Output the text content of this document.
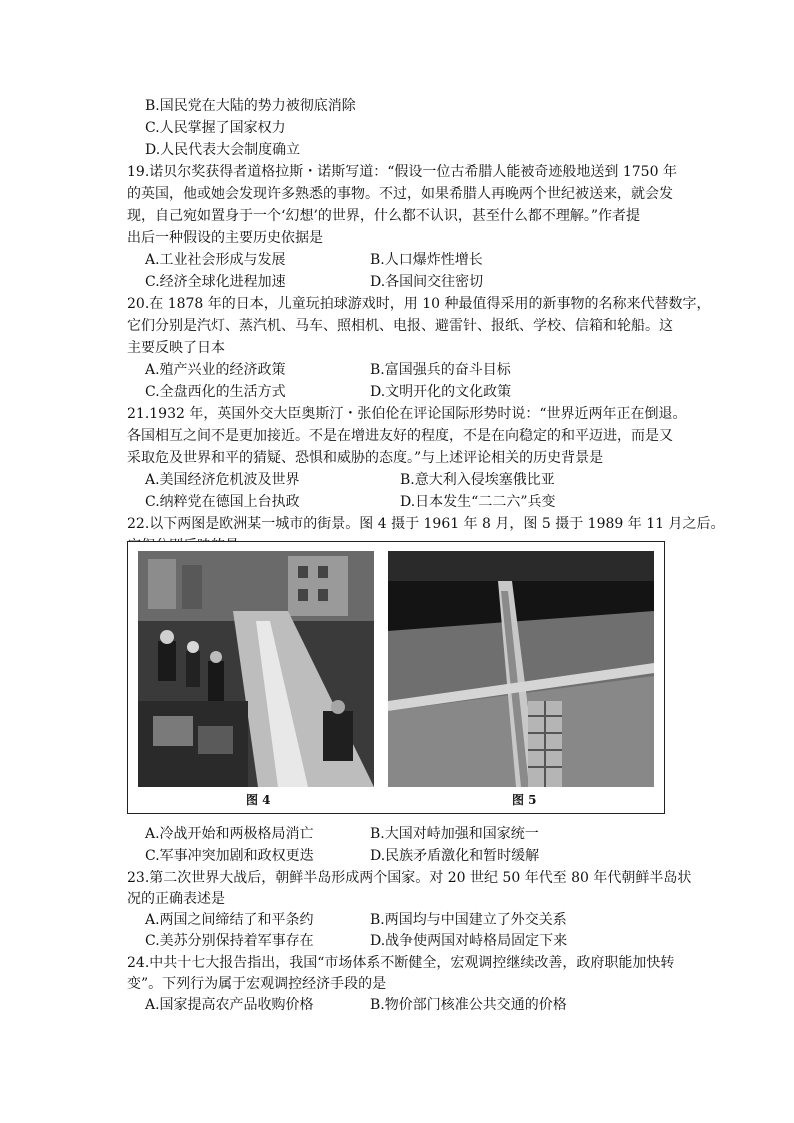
B.国民党在大陆的势力被彻底消除
C.人民掌握了国家权力
D.人民代表大会制度确立
19.诺贝尔奖获得者道格拉斯・诺斯写道：“假设一位古希腊人能被奇迹般地送到 1750 年
的英国，他或她会发现许多熟悉的事物。不过，如果希腊人再晚两个世纪被送来，就会发
现，自己宛如置身于一个‘幻想’的世界，什么都不认识，甚至什么都不理解。”作者提
出后一种假设的主要历史依据是
A.工业社会形成与发展	B.人口爆炸性增长
C.经济全球化进程加速	D.各国间交往密切
20.在 1878 年的日本，儿童玩拍球游戏时，用 10 种最值得采用的新事物的名称来代替数字，
它们分别是汽灯、蒸汽机、马车、照相机、电报、避雷针、报纸、学校、信箱和轮船。这
主要反映了日本
A.殖产兴业的经济政策	B.富国强兵的奋斗目标
C.全盘西化的生活方式	D.文明开化的文化政策
21.1932 年，英国外交大臣奥斯汀・张伯伦在评论国际形势时说：“世界近两年正在倒退。
各国相互之间不是更加接近。不是在增进友好的程度，不是在向稳定的和平迈进，而是又
采取危及世界和平的猜疑、恐惧和威胁的态度。”与上述评论相关的历史背景是
A.美国经济危机波及世界	B.意大利入侵埃塞俄比亚
C.纳粹党在德国上台执政	D.日本发生“二二六”兵变
22.以下两图是欧洲某一城市的街景。图 4 摄于 1961 年 8 月，图 5 摄于 1989 年 11 月之后。
图 4	图 5
A.冷战开始和两极格局消亡	B.大国对峙加强和国家统一
C.军事冲突加剧和政权更迭	D.民族矛盾激化和暂时缓解
23.第二次世界大战后，朝鲜半岛形成两个国家。对 20 世纪 50 年代至 80 年代朝鲜半岛状
况的正确表述是
A.两国之间缔结了和平条约	B.两国均与中国建立了外交关系
C.美苏分别保持着军事存在	D.战争使两国对峙格局固定下来
24.中共十七大报告指出，我国“市场体系不断健全，宏观调控继续改善，政府职能加快转
变”。下列行为属于宏观调控经济手段的是
A.国家提高农产品收购价格	B.物价部门核准公共交通的价格
